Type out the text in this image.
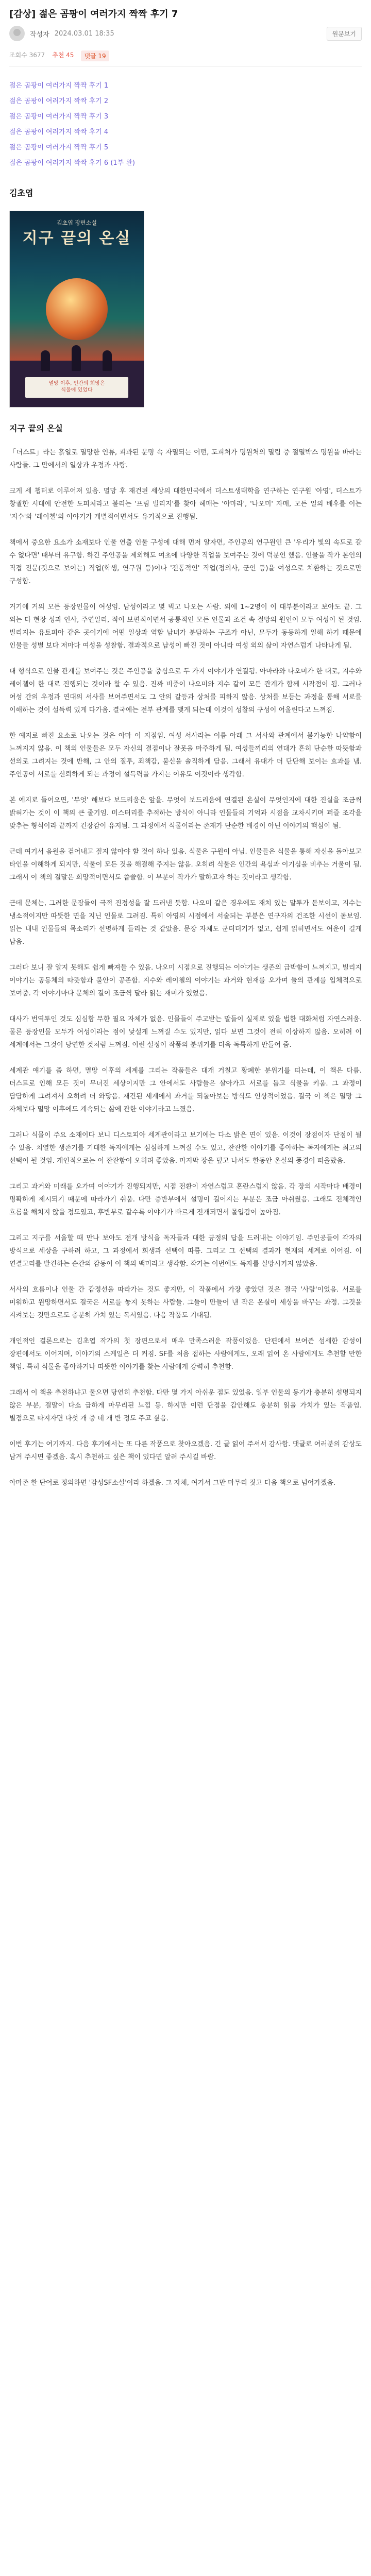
[감상] 젊은 곰팡이 여러가지 짝짝 후기 7
작성자 2024.03.01 18:35	원문보기
조회수 3677 추천 45	댓글 19
젊은 곰팡이 여러가지 짝짝 후기 1
젊은 곰팡이 여러가지 짝짝 후기 2
젊은 곰팡이 여러가지 짝짝 후기 3
젊은 곰팡이 여러가지 짝짝 후기 4
젊은 곰팡이 여러가지 짝짝 후기 5
젊은 곰팡이 여러가지 짝짝 후기 6 (1부 완)
김초엽
김초엽 장편소설
지구 끝의 온실
멸망 이후, 인간의 희망은
식물에 있었다
지구 끝의 온실

「더스트」라는 흙일로 멸망한 인류, 피과된 문명 속 자멸되는 어떤, 도피처가 명원처의 밀림 중 절멸박스 명원을 바라는 사람들. 그 만에서의 일상과 우정과 사랑.

크게 세 챕터로 이루어져 있음. 멸망 후 재건된 세상의 대한민국에서 더스트생태학을 연구하는 연구원 '아영', 더스트가 창궐한 시대에 안전한 도피처라고 불리는 '프림 빌리지'를 찾아 헤매는 '아마라', '나오미' 자매, 모든 일의 배후를 이는 '지수'와 '레이첼'의 이야기가 개별적이면서도 유기적으로 진행됨.

책에서 중요한 요소가 소재보다 인물 연출 인물 구성에 대해 먼저 알자면, 주인공의 연구원인 큰 '우리가 빛의 속도로 갈 수 없다면' 때부터 유구함. 하긴 주인공을 제외해도 여초에 다양한 직업을 보여주는 것에 덕분인 했음. 인물을 작가 본인의 직접 전문(것으로 보이는) 직업(학생, 연구원 등)이나 '전통적인' 직업(정의사, 군인 등)을 여성으로 치환하는 것으로만 구성함.

거기에 거의 모든 등장인물이 여성임. 남성이라고 몇 빅고 나오는 사람. 외에 1~2명이 이 대부분이라고 보아도 끝. 그 외는 다 현장 성과 인사, 주연일리, 적이 보편적이면서 공통적인 모든 인물과 조건 속 절망의 원인이 모두 여성이 된 것임. 빌리지는 유토피아 같은 곳이기에 어떤 일상과 역할 남녀가 분담하는 구조가 아닌, 모두가 동등하게 일해 하기 때문에 인물들 성별 보다 저마다 여성을 성찰함. 결과적으로 남성이 빠진 것이 아니라 여성 외의 삶이 자연스럽게 나타나게 됨.

대 형식으로 인물 관계를 보여주는 것은 주인공을 중심으로 두 가지 이야기가 연결됨. 아마라와 나오미가 한 대로, 지수와 레이첼이 한 대로 진행되는 것이라 할 수 있음. 진짜 비중이 나오미와 지수 같이 모든 관계가 함께 시작점이 됨. 그러나 여성 간의 우정과 연대의 서사를 보여주면서도 그 안의 갈등과 상처를 피하지 않음. 상처를 보듬는 과정을 통해 서로를 이해하는 것이 설득력 있게 다가옴. 결국에는 전부 관계를 맺게 되는데 이것이 성찰의 구성이 어울린다고 느껴짐.

한 예지로 빠진 요소로 나오는 것은 아마 이 지점임. 여성 서사라는 이름 아래 그 서사와 관계에서 불가능한 나약함이 느껴지지 않음. 이 책의 인물들은 모두 자신의 결점이나 잘못을 마주하게 됨. 여성들끼리의 연대가 흔히 단순한 따뜻함과 선의로 그려지는 것에 반해, 그 안의 질투, 죄책감, 불신을 솔직하게 담음. 그래서 유대가 더 단단해 보이는 효과를 냄. 주인공이 서로를 신뢰하게 되는 과정이 설득력을 가지는 이유도 이것이라 생각함.

본 예지로 들어오면, '무엇' 해보다 보드리움은 앞을. 무엇이 보드리움에 연결된 온실이 무엇인지에 대한 진실을 조금씩 밝혀가는 것이 이 책의 큰 줄기임. 미스터리를 추적하는 방식이 아니라 인물들의 기억과 시점을 교차시키며 퍼즐 조각을 맞추는 형식이라 끝까지 긴장감이 유지됨. 그 과정에서 식물이라는 존재가 단순한 배경이 아닌 이야기의 핵심이 됨.

근데 여기서 음원을 걷어내고 짚지 않아야 할 것이 하나 있음. 식물은 구원이 아님. 인물들은 식물을 통해 자신을 돌아보고 타인을 이해하게 되지만, 식물이 모든 것을 해결해 주지는 않음. 오히려 식물은 인간의 욕심과 이기심을 비추는 거울이 됨. 그래서 이 책의 결말은 희망적이면서도 씁쓸함. 이 부분이 작가가 말하고자 하는 것이라고 생각함.

근데 문체는, 그러한 문장들이 극적 진정성을 잘 드러낸 듯함. 나오미 같은 경우에도 재치 있는 말투가 돋보이고, 지수는 냉소적이지만 따뜻한 면을 지닌 인물로 그려짐. 특히 아영의 시점에서 서술되는 부분은 연구자의 건조한 시선이 돋보임. 읽는 내내 인물들의 목소리가 선명하게 들리는 것 같았음. 문장 자체도 군더더기가 없고, 쉽게 읽히면서도 여운이 길게 남음.

그러다 보니 잘 알지 못해도 쉽게 빠져들 수 있음. 나오미 시점으로 진행되는 이야기는 생존의 급박함이 느껴지고, 빌리지 이야기는 공동체의 따뜻함과 불안이 공존함. 지수와 레이첼의 이야기는 과거와 현재를 오가며 둘의 관계를 입체적으로 보여줌. 각 이야기마다 문체의 결이 조금씩 달라 읽는 재미가 있었음.

대사가 번역투인 것도 심심함 무한 필요 자체가 없음. 인물들이 주고받는 말들이 실제로 있을 법한 대화처럼 자연스러움. 물론 등장인물 모두가 여성이라는 점이 낯설게 느껴질 수도 있지만, 읽다 보면 그것이 전혀 이상하지 않음. 오히려 이 세계에서는 그것이 당연한 것처럼 느껴짐. 이런 설정이 작품의 분위기를 더욱 독특하게 만들어 줌.

세계관 얘기를 좀 하면, 멸망 이후의 세계를 그리는 작품들은 대개 거칠고 황폐한 분위기를 띠는데, 이 책은 다름. 더스트로 인해 모든 것이 무너진 세상이지만 그 안에서도 사람들은 살아가고 서로를 돕고 식물을 키움. 그 과정이 담담하게 그려져서 오히려 더 와닿음. 재건된 세계에서 과거를 되돌아보는 방식도 인상적이었음. 결국 이 책은 멸망 그 자체보다 멸망 이후에도 계속되는 삶에 관한 이야기라고 느꼈음.

그러나 식물이 주요 소재이다 보니 디스토피아 세계관이라고 보기에는 다소 밝은 면이 있음. 이것이 장점이자 단점이 될 수 있음. 치열한 생존기를 기대한 독자에게는 심심하게 느껴질 수도 있고, 잔잔한 이야기를 좋아하는 독자에게는 최고의 선택이 될 것임. 개인적으로는 이 잔잔함이 오히려 좋았음. 마지막 장을 덮고 나서도 한동안 온실의 풍경이 떠올랐음.

그리고 과거와 미래를 오가며 이야기가 진행되지만, 시점 전환이 자연스럽고 혼란스럽지 않음. 각 장의 시작마다 배경이 명확하게 제시되기 때문에 따라가기 쉬움. 다만 중반부에서 설명이 길어지는 부분은 조금 아쉬웠음. 그래도 전체적인 흐름을 해치지 않을 정도였고, 후반부로 갈수록 이야기가 빠르게 전개되면서 몰입감이 높아짐.

그리고 지구를 서울할 때 만나 보아도 전개 방식을 독자들과 대한 긍정의 답을 드러내는 이야기임. 주인공들이 각자의 방식으로 세상을 구하려 하고, 그 과정에서 희생과 선택이 따름. 그리고 그 선택의 결과가 현재의 세계로 이어짐. 이 연결고리를 발견하는 순간의 감동이 이 책의 백미라고 생각함. 작가는 이번에도 독자를 실망시키지 않았음.

서사의 흐름이나 인물 간 감정선을 따라가는 것도 좋지만, 이 작품에서 가장 좋았던 것은 결국 '사람'이었음. 서로를 미워하고 원망하면서도 결국은 서로를 놓지 못하는 사람들. 그들이 만들어 낸 작은 온실이 세상을 바꾸는 과정. 그것을 지켜보는 것만으로도 충분히 가치 있는 독서였음. 다음 작품도 기대됨.

개인적인 결론으로는 김초엽 작가의 첫 장편으로서 매우 만족스러운 작품이었음. 단편에서 보여준 섬세한 감성이 장편에서도 이어지며, 이야기의 스케일은 더 커짐. SF를 처음 접하는 사람에게도, 오래 읽어 온 사람에게도 추천할 만한 책임. 특히 식물을 좋아하거나 따뜻한 이야기를 찾는 사람에게 강력히 추천함.

그래서 이 책을 추천하냐고 물으면 당연히 추천함. 다만 몇 가지 아쉬운 점도 있었음. 일부 인물의 동기가 충분히 설명되지 않은 부분, 결말이 다소 급하게 마무리된 느낌 등. 하지만 이런 단점을 감안해도 충분히 읽을 가치가 있는 작품임. 별점으로 따지자면 다섯 개 중 네 개 반 정도 주고 싶음.

이번 후기는 여기까지. 다음 후기에서는 또 다른 작품으로 찾아오겠음. 긴 글 읽어 주셔서 감사함. 댓글로 여러분의 감상도 남겨 주시면 좋겠음. 혹시 추천하고 싶은 책이 있다면 알려 주시길 바람.

아마존 한 단어로 정의하면 '감성SF소설'이라 하겠음. 그 자체, 여기서 그만 마무리 짓고 다음 책으로 넘어가겠음.
